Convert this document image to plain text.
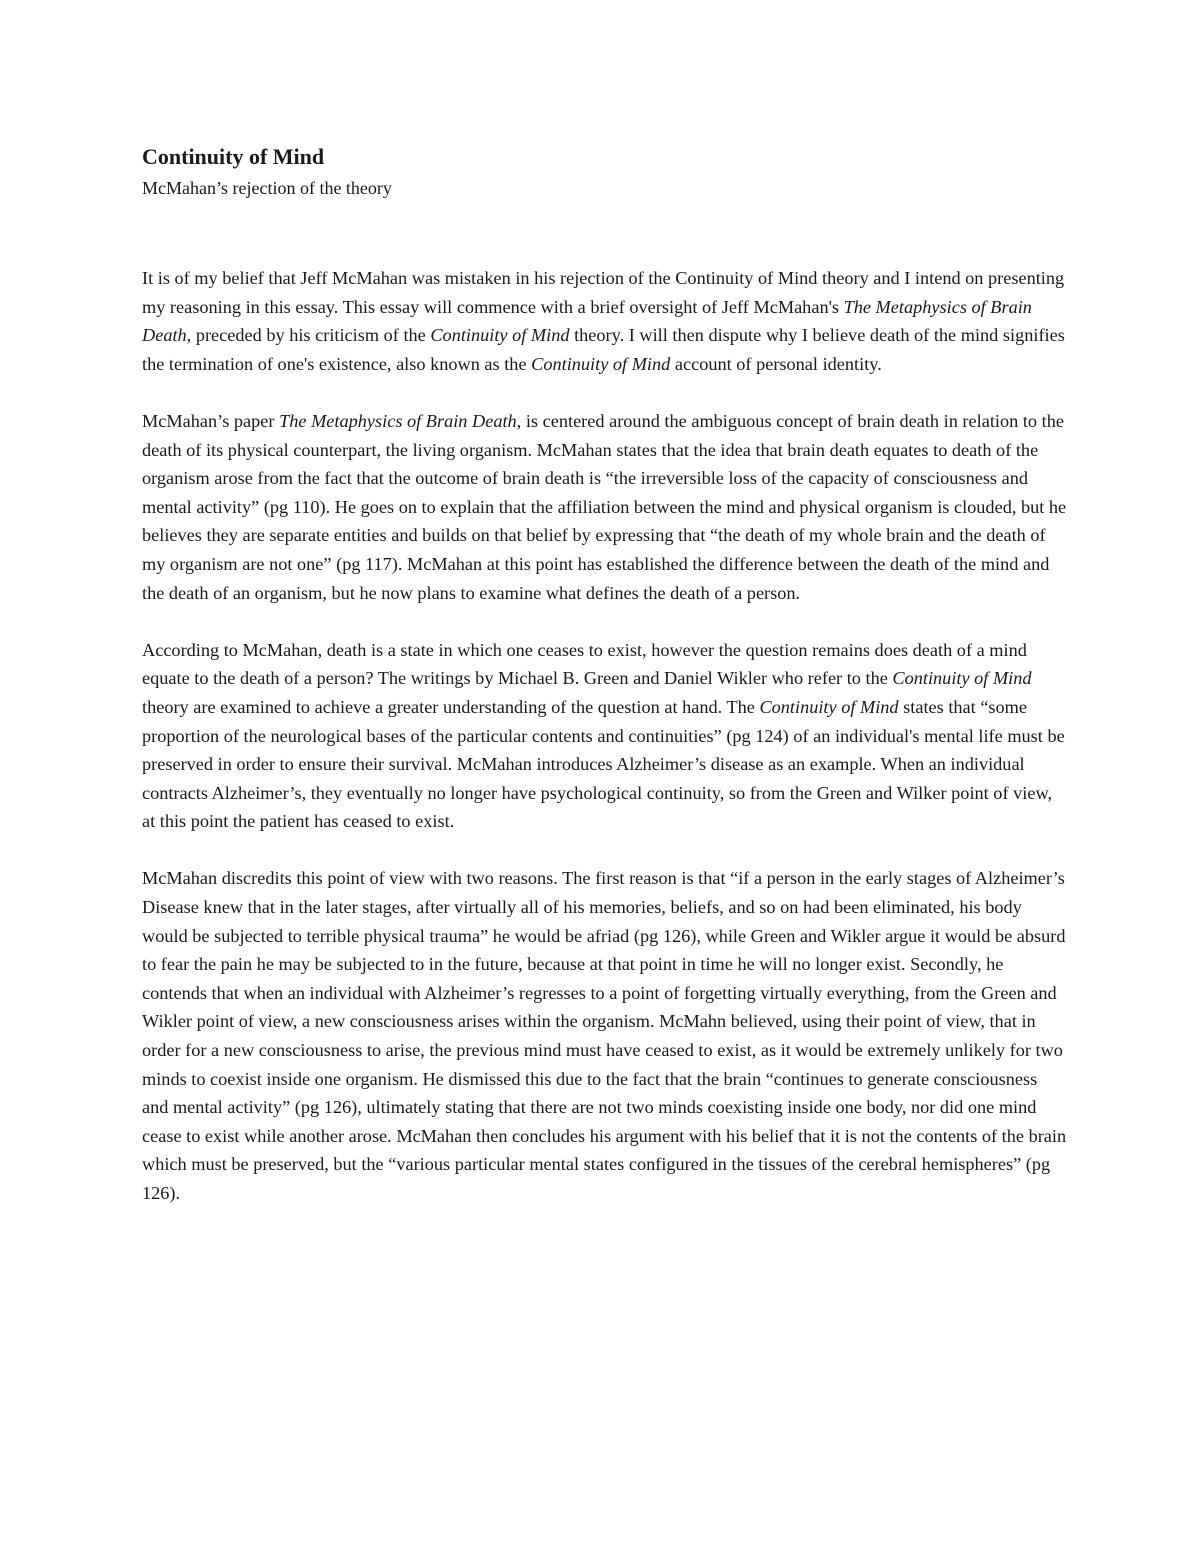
Continuity of Mind

McMahan’s rejection of the theory

It is of my belief that Jeff McMahan was mistaken in his rejection of the Continuity of Mind theory and I intend on presenting my reasoning in this essay. This essay will commence with a brief oversight of Jeff McMahan's The Metaphysics of Brain Death, preceded by his criticism of the Continuity of Mind theory. I will then dispute why I believe death of the mind signifies the termination of one's existence, also known as the Continuity of Mind account of personal identity.

McMahan’s paper The Metaphysics of Brain Death, is centered around the ambiguous concept of brain death in relation to the death of its physical counterpart, the living organism. McMahan states that the idea that brain death equates to death of the organism arose from the fact that the outcome of brain death is “the irreversible loss of the capacity of consciousness and mental activity” (pg 110). He goes on to explain that the affiliation between the mind and physical organism is clouded, but he believes they are separate entities and builds on that belief by expressing that “the death of my whole brain and the death of my organism are not one” (pg 117). McMahan at this point has established the difference between the death of the mind and the death of an organism, but he now plans to examine what defines the death of a person.

According to McMahan, death is a state in which one ceases to exist, however the question remains does death of a mind equate to the death of a person? The writings by Michael B. Green and Daniel Wikler who refer to the Continuity of Mind theory are examined to achieve a greater understanding of the question at hand. The Continuity of Mind states that “some proportion of the neurological bases of the particular contents and continuities” (pg 124) of an individual's mental life must be preserved in order to ensure their survival. McMahan introduces Alzheimer’s disease as an example. When an individual contracts Alzheimer’s, they eventually no longer have psychological continuity, so from the Green and Wilker point of view, at this point the patient has ceased to exist.

McMahan discredits this point of view with two reasons. The first reason is that “if a person in the early stages of Alzheimer’s Disease knew that in the later stages, after virtually all of his memories, beliefs, and so on had been eliminated, his body would be subjected to terrible physical trauma” he would be afriad (pg 126), while Green and Wikler argue it would be absurd to fear the pain he may be subjected to in the future, because at that point in time he will no longer exist. Secondly, he contends that when an individual with Alzheimer’s regresses to a point of forgetting virtually everything, from the Green and Wikler point of view, a new consciousness arises within the organism. McMahn believed, using their point of view, that in order for a new consciousness to arise, the previous mind must have ceased to exist, as it would be extremely unlikely for two minds to coexist inside one organism. He dismissed this due to the fact that the brain “continues to generate consciousness and mental activity” (pg 126), ultimately stating that there are not two minds coexisting inside one body, nor did one mind cease to exist while another arose. McMahan then concludes his argument with his belief that it is not the contents of the brain which must be preserved, but the “various particular mental states configured in the tissues of the cerebral hemispheres” (pg 126).
